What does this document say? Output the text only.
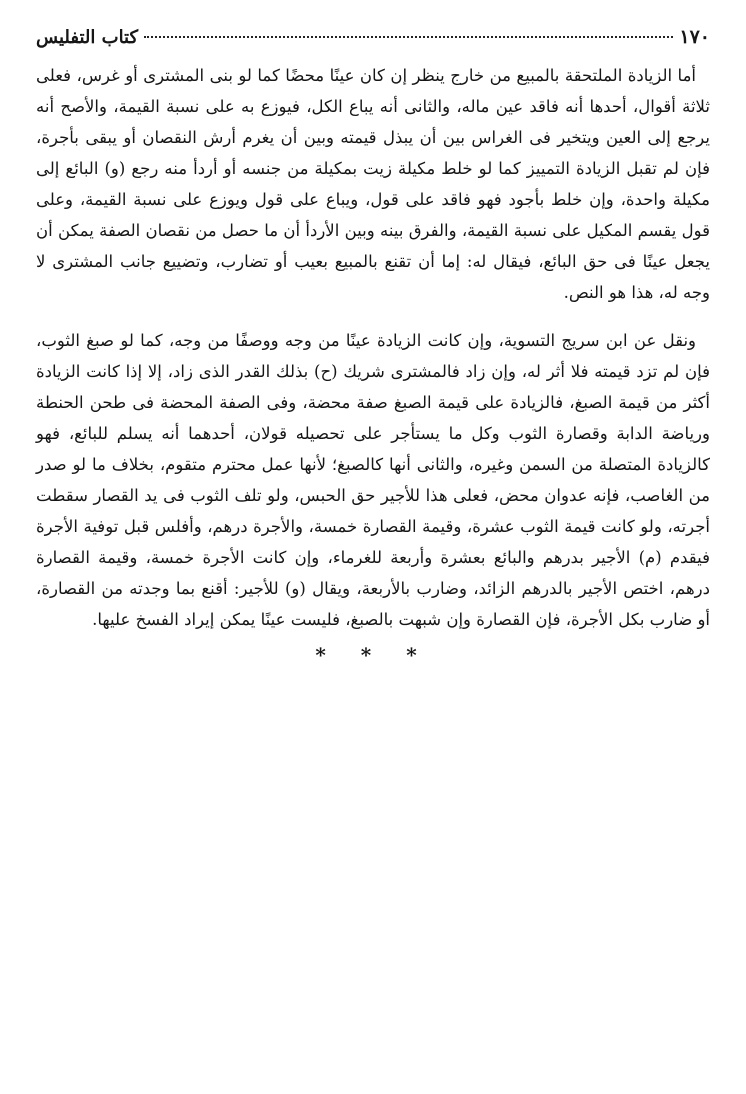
١٧٠
كتاب التفليس

أما الزيادة الملتحقة بالمبيع من خارج ينظر إن كان عينًا محضًا كما لو بنى المشترى أو غرس، فعلى ثلاثة أقوال، أحدها أنه فاقد عين ماله، والثانى أنه يباع الكل، فيوزع به على نسبة القيمة، والأصح أنه يرجع إلى العين ويتخير فى الغراس بين أن يبذل قيمته وبين أن يغرم أرش النقصان أو يبقى بأجرة، فإن لم تقبل الزيادة التمييز كما لو خلط مكيلة زيت بمكيلة من جنسه أو أردأ منه رجع (و) البائع إلى مكيلة واحدة، وإن خلط بأجود فهو فاقد على قول، ويباع على قول ويوزع على نسبة القيمة، وعلى قول يقسم المكيل على نسبة القيمة، والفرق بينه وبين الأردأ أن ما حصل من نقصان الصفة يمكن أن يجعل عينًا فى حق البائع، فيقال له: إما أن تقنع بالمبيع بعيب أو تضارب، وتضييع جانب المشترى لا وجه له، هذا هو النص.

ونقل عن ابن سريج التسوية، وإن كانت الزيادة عينًا من وجه ووصفًا من وجه، كما لو صبغ الثوب، فإن لم تزد قيمته فلا أثر له، وإن زاد فالمشترى شريك (ح) بذلك القدر الذى زاد، إلا إذا كانت الزيادة أكثر من قيمة الصبغ، فالزيادة على قيمة الصبغ صفة محضة، وفى الصفة المحضة فى طحن الحنطة ورياضة الدابة وقصارة الثوب وكل ما يستأجر على تحصيله قولان، أحدهما أنه يسلم للبائع، فهو كالزيادة المتصلة من السمن وغيره، والثانى أنها كالصبغ؛ لأنها عمل محترم متقوم، بخلاف ما لو صدر من الغاصب، فإنه عدوان محض، فعلى هذا للأجير حق الحبس، ولو تلف الثوب فى يد القصار سقطت أجرته، ولو كانت قيمة الثوب عشرة، وقيمة القصارة خمسة، والأجرة درهم، وأفلس قبل توفية الأجرة فيقدم (م) الأجير بدرهم والبائع بعشرة وأربعة للغرماء، وإن كانت الأجرة خمسة، وقيمة القصارة درهم، اختص الأجير بالدرهم الزائد، وضارب بالأربعة، ويقال (و) للأجير: أقنع بما وجدته من القصارة، أو ضارب بكل الأجرة، فإن القصارة وإن شبهت بالصبغ، فليست عينًا يمكن إيراد الفسخ عليها.

* * *
